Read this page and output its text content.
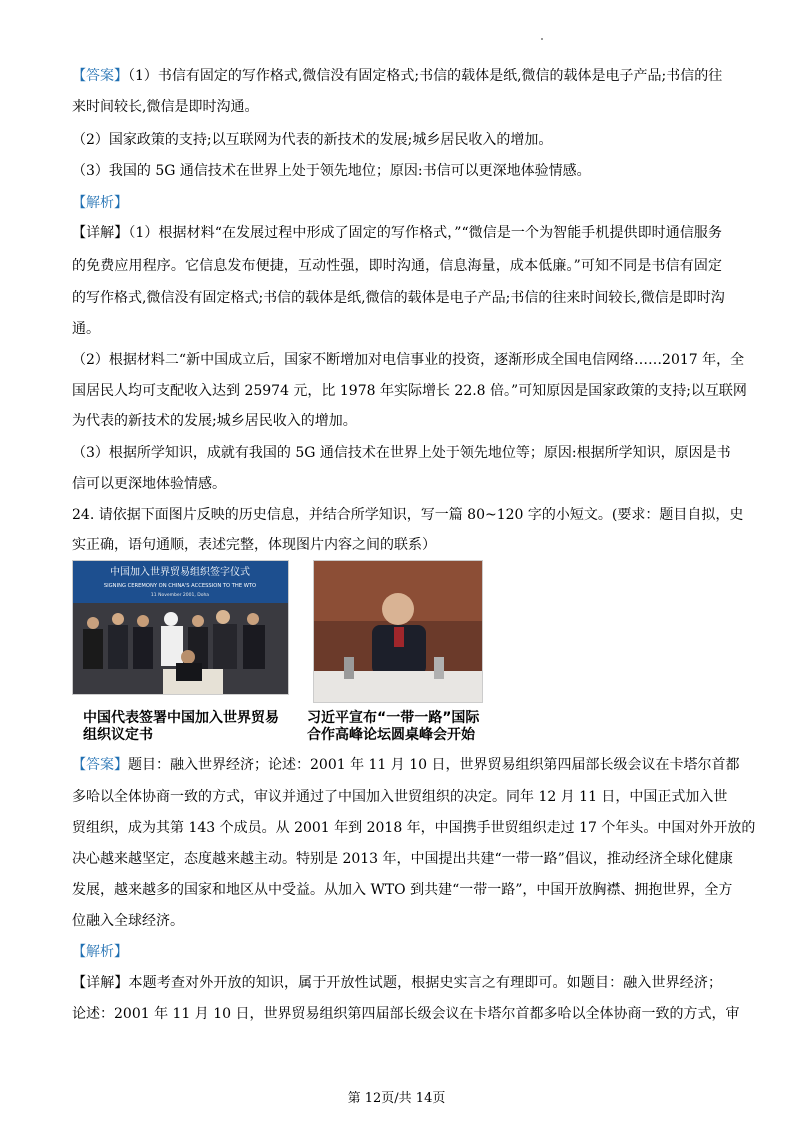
【答案】（1）书信有固定的写作格式,微信没有固定格式;书信的载体是纸,微信的载体是电子产品;书信的往
来时间较长,微信是即时沟通。
（2）国家政策的支持;以互联网为代表的新技术的发展;城乡居民收入的增加。
（3）我国的 5G 通信技术在世界上处于领先地位；原因:书信可以更深地体验情感。
【解析】
【详解】（1）根据材料“在发展过程中形成了固定的写作格式，”“微信是一个为智能手机提供即时通信服务
的免费应用程序。它信息发布便捷，互动性强，即时沟通，信息海量，成本低廉。”可知不同是书信有固定
的写作格式,微信没有固定格式;书信的载体是纸,微信的载体是电子产品;书信的往来时间较长,微信是即时沟
通。
（2）根据材料二“新中国成立后，国家不断增加对电信事业的投资，逐渐形成全国电信网络……2017 年，全
国居民人均可支配收入达到 25974 元，比 1978 年实际增长 22.8 倍。”可知原因是国家政策的支持;以互联网
为代表的新技术的发展;城乡居民收入的增加。
（3）根据所学知识，成就有我国的 5G 通信技术在世界上处于领先地位等；原因:根据所学知识，原因是书
信可以更深地体验情感。
24. 请依据下面图片反映的历史信息，并结合所学知识，写一篇 80~120 字的小短文。(要求：题目自拟，史
实正确，语句通顺，表述完整，体现图片内容之间的联系）
中国加入世界贸易组织签字仪式
SIGNING CEREMONY ON CHINA'S ACCESSION TO THE WTO
11 November 2001, Doha
中国代表签署中国加入世界贸易
组织议定书
习近平宣布“一带一路”国际
合作高峰论坛圆桌峰会开始
【答案】题目：融入世界经济；论述：2001 年 11 月 10 日，世界贸易组织第四届部长级会议在卡塔尔首都
多哈以全体协商一致的方式，审议并通过了中国加入世贸组织的决定。同年 12 月 11 日，中国正式加入世
贸组织，成为其第 143 个成员。从 2001 年到 2018 年，中国携手世贸组织走过 17 个年头。中国对外开放的
决心越来越坚定，态度越来越主动。特别是 2013 年，中国提出共建“一带一路”倡议，推动经济全球化健康
发展，越来越多的国家和地区从中受益。从加入 WTO 到共建“一带一路”，中国开放胸襟、拥抱世界，全方
位融入全球经济。
【解析】
【详解】本题考查对外开放的知识，属于开放性试题，根据史实言之有理即可。如题目：融入世界经济；
论述：2001 年 11 月 10 日，世界贸易组织第四届部长级会议在卡塔尔首都多哈以全体协商一致的方式，审
第 12页/共 14页
